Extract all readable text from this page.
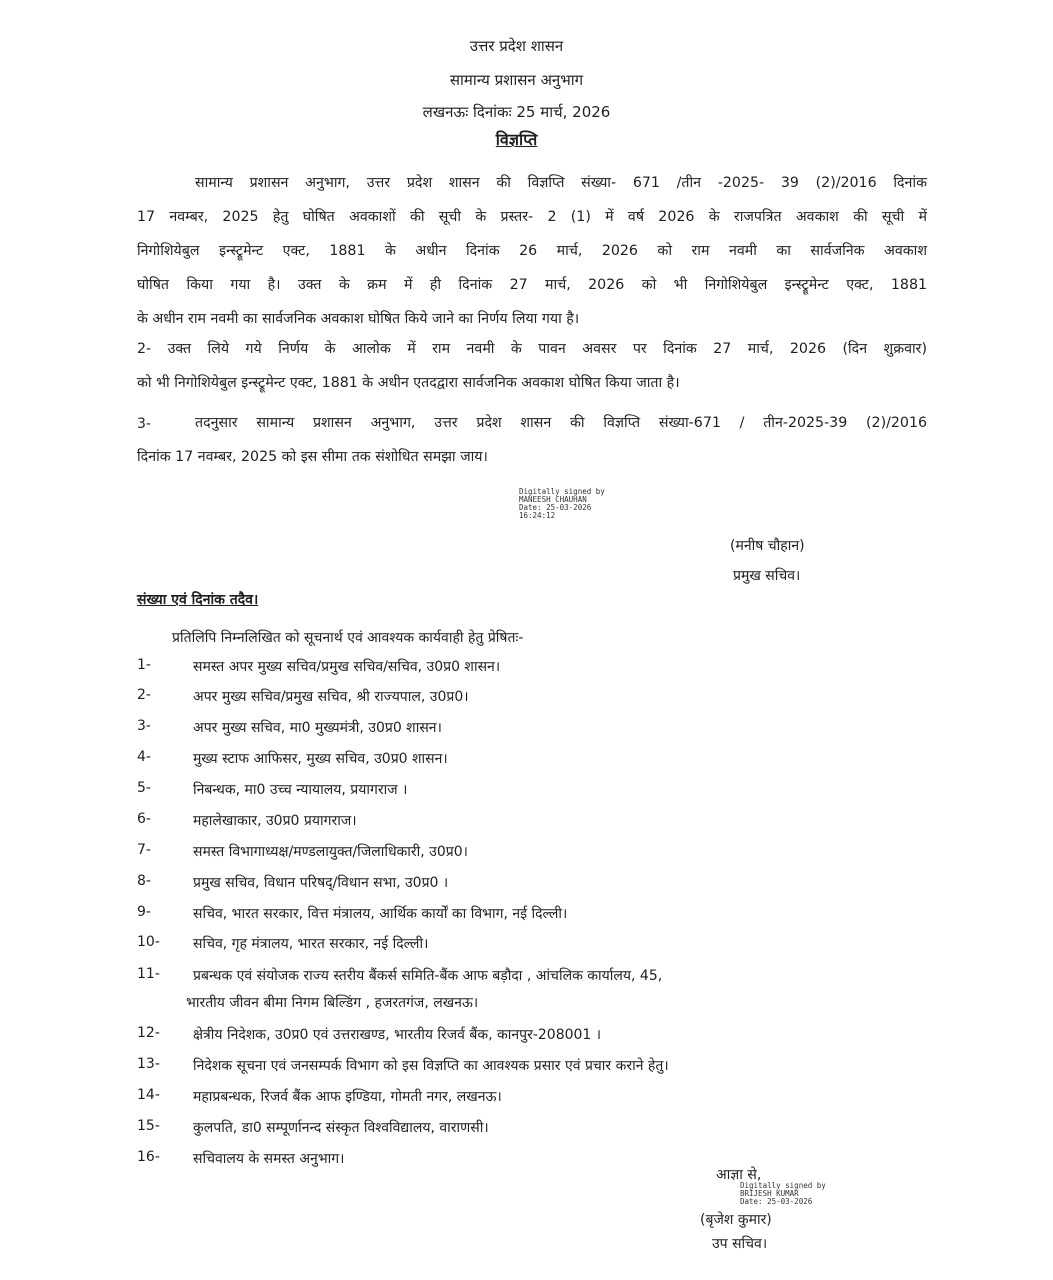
उत्तर प्रदेश शासन
सामान्य प्रशासन अनुभाग
लखनऊः दिनांकः 25 मार्च, 2026
विज्ञप्ति
सामान्य प्रशासन अनुभाग, उत्तर प्रदेश शासन की विज्ञप्ति संख्या- 671 /तीन -2025- 39 (2)/2016 दिनांक
17 नवम्बर, 2025 हेतु घोषित अवकाशों की सूची के प्रस्तर- 2 (1) में वर्ष 2026 के राजपत्रित अवकाश की सूची में
निगोशियेबुल इन्स्ट्रूमेन्ट एक्ट, 1881 के अधीन दिनांक 26 मार्च, 2026 को राम नवमी का सार्वजनिक अवकाश
घोषित किया गया है। उक्त के क्रम में ही दिनांक 27 मार्च, 2026 को भी निगोशियेबुल इन्स्ट्रूमेन्ट एक्ट, 1881
के अधीन राम नवमी का सार्वजनिक अवकाश घोषित किये जाने का निर्णय लिया गया है।
2- उक्त लिये गये निर्णय के आलोक में राम नवमी के पावन अवसर पर दिनांक 27 मार्च, 2026 (दिन शुक्रवार)
को भी निगोशियेबुल इन्स्ट्रूमेन्ट एक्ट, 1881 के अधीन एतदद्वारा सार्वजनिक अवकाश घोषित किया जाता है।
3-	तदनुसार सामान्य प्रशासन अनुभाग, उत्तर प्रदेश शासन की विज्ञप्ति संख्या-671 / तीन-2025-39 (2)/2016
दिनांक 17 नवम्बर, 2025 को इस सीमा तक संशोधित समझा जाय।
Digitally signed by
MANEESH CHAUHAN
Date: 25-03-2026
16:24:12
(मनीष चौहान)
प्रमुख सचिव।
संख्या एवं दिनांक तदैव।
प्रतिलिपि निम्नलिखित को सूचनार्थ एवं आवश्यक कार्यवाही हेतु प्रेषितः-
1-	समस्त अपर मुख्य सचिव/प्रमुख सचिव/सचिव, उ0प्र0 शासन।
2-	अपर मुख्य सचिव/प्रमुख सचिव, श्री राज्यपाल, उ0प्र0।
3-	अपर मुख्य सचिव, मा0 मुख्यमंत्री, उ0प्र0 शासन।
4-	मुख्य स्टाफ आफिसर, मुख्य सचिव, उ0प्र0 शासन।
5-	निबन्धक, मा0 उच्च न्यायालय, प्रयागराज ।
6-	महालेखाकार, उ0प्र0 प्रयागराज।
7-	समस्त विभागाध्यक्ष/मण्डलायुक्त/जिलाधिकारी, उ0प्र0।
8-	प्रमुख सचिव, विधान परिषद्/विधान सभा, उ0प्र0 ।
9-	सचिव, भारत सरकार, वित्त मंत्रालय, आर्थिक कार्यों का विभाग, नई दिल्ली।
10- सचिव, गृह मंत्रालय, भारत सरकार, नई दिल्ली।
11- प्रबन्धक एवं संयोजक राज्य स्तरीय बैंकर्स समिति-बैंक आफ बड़ौदा , आंचलिक कार्यालय, 45,
भारतीय जीवन बीमा निगम बिल्डिंग , हजरतगंज, लखनऊ।
12- क्षेत्रीय निदेशक, उ0प्र0 एवं उत्तराखण्ड, भारतीय रिजर्व बैंक, कानपुर-208001 ।
13- निदेशक सूचना एवं जनसम्पर्क विभाग को इस विज्ञप्ति का आवश्यक प्रसार एवं प्रचार कराने हेतु।
14- महाप्रबन्धक, रिजर्व बैंक आफ इण्डिया, गोमती नगर, लखनऊ।
15- कुलपति, डा0 सम्पूर्णानन्द संस्कृत विश्वविद्यालय, वाराणसी।
16- सचिवालय के समस्त अनुभाग।
आज्ञा से,
Digitally signed by
BRIJESH KUMAR
Date: 25-03-2026
(बृजेश कुमार)
उप सचिव।
